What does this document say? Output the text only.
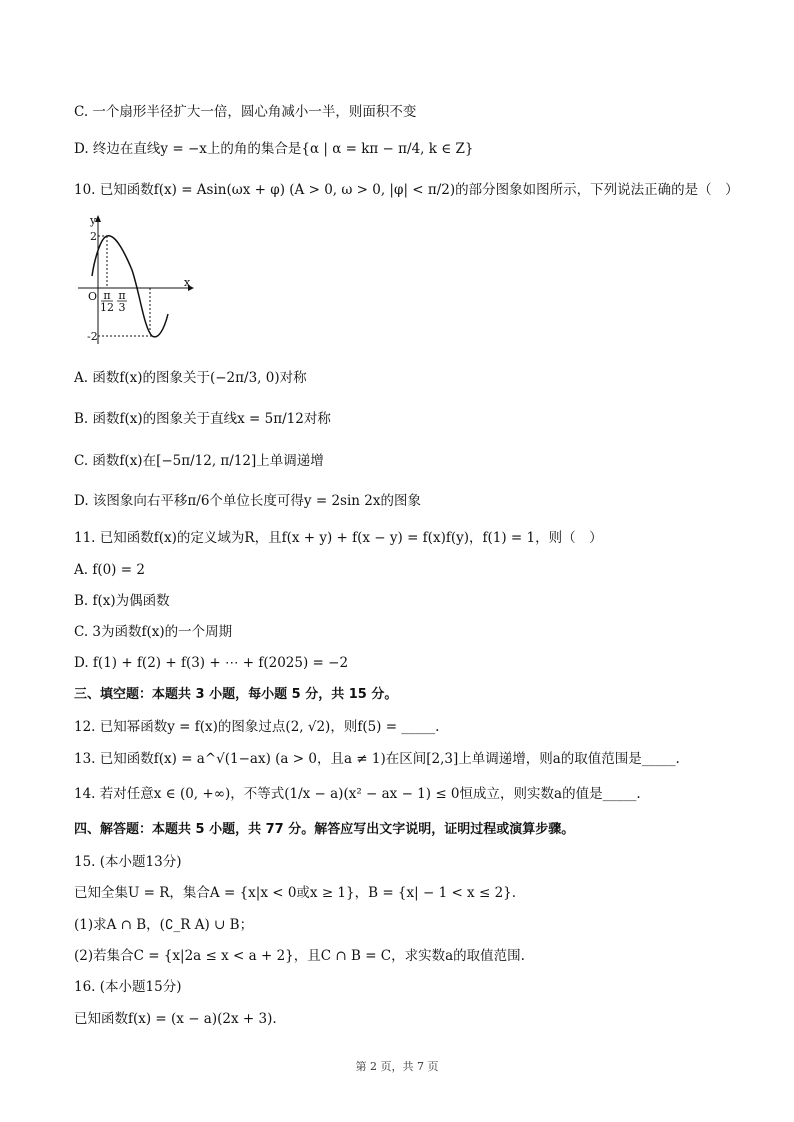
C. 一个扇形半径扩大一倍，圆心角减小一半，则面积不变
D. 终边在直线y = −x上的角的集合是{α | α = kπ − π/4, k ∈ Z}
10. 已知函数f(x) = Asin(ωx + φ) (A > 0, ω > 0, |φ| < π/2)的部分图象如图所示，下列说法正确的是（　）
y
x
O
2
-2
π
12
π
3
A. 函数f(x)的图象关于(−2π/3, 0)对称
B. 函数f(x)的图象关于直线x = 5π/12对称
C. 函数f(x)在[−5π/12, π/12]上单调递增
D. 该图象向右平移π/6个单位长度可得y = 2sin 2x的图象
11. 已知函数f(x)的定义域为R，且f(x + y) + f(x − y) = f(x)f(y)，f(1) = 1，则（　）
A. f(0) = 2
B. f(x)为偶函数
C. 3为函数f(x)的一个周期
D. f(1) + f(2) + f(3) + ⋯ + f(2025) = −2
三、填空题：本题共 3 小题，每小题 5 分，共 15 分。
12. 已知幂函数y = f(x)的图象过点(2, √2)，则f(5) = _____.
13. 已知函数f(x) = a^√(1−ax) (a > 0，且a ≠ 1)在区间[2,3]上单调递增，则a的取值范围是_____.
14. 若对任意x ∈ (0, +∞)，不等式(1/x − a)(x² − ax − 1) ≤ 0恒成立，则实数a的值是_____.
四、解答题：本题共 5 小题，共 77 分。解答应写出文字说明，证明过程或演算步骤。
15. (本小题13分)
已知全集U = R，集合A = {x|x < 0或x ≥ 1}，B = {x| − 1 < x ≤ 2}.
(1)求A ∩ B，(∁_R A) ∪ B；
(2)若集合C = {x|2a ≤ x < a + 2}，且C ∩ B = C，求实数a的取值范围.
16. (本小题15分)
已知函数f(x) = (x − a)(2x + 3).
第 2 页，共 7 页
